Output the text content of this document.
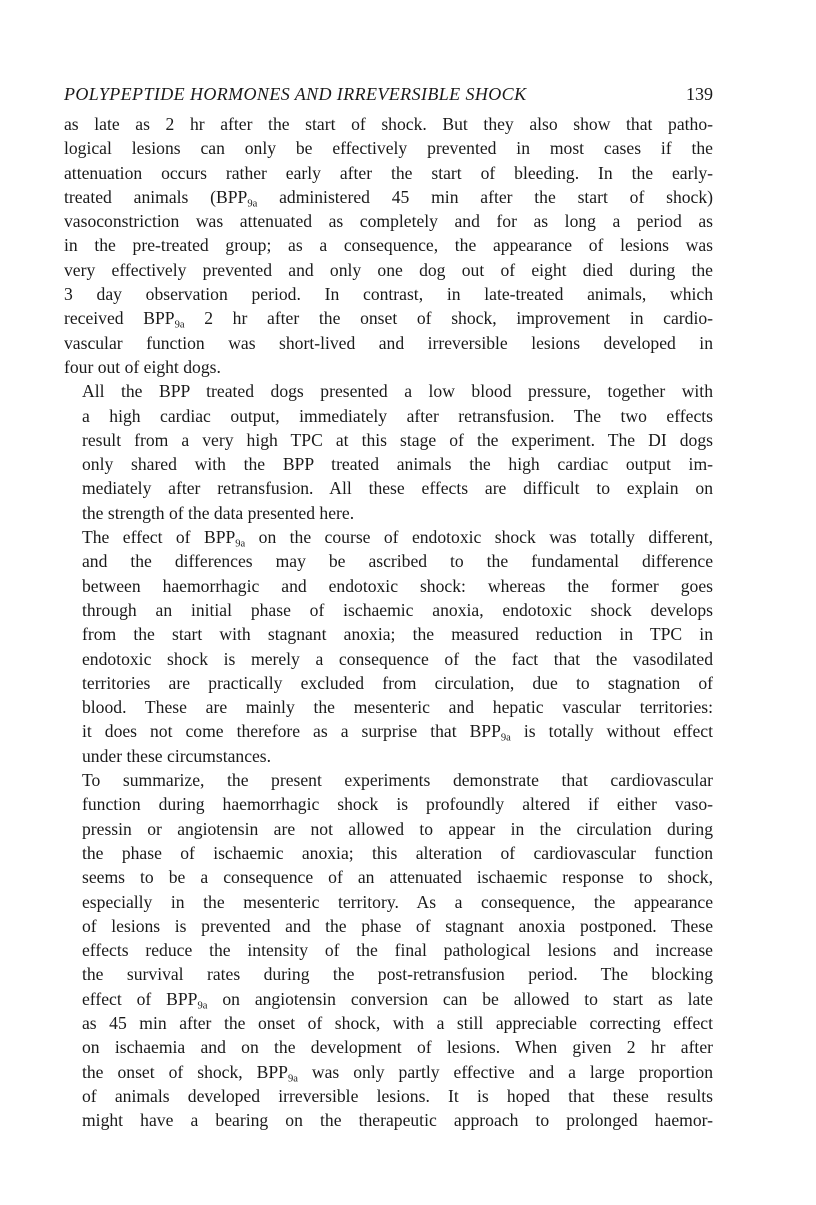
POLYPEPTIDE HORMONES AND IRREVERSIBLE SHOCK	139
as late as 2 hr after the start of shock. But they also show that patho-
logical lesions can only be effectively prevented in most cases if the
attenuation occurs rather early after the start of bleeding. In the early-
treated animals ($BPP_{9a}$ administered 45 min after the start of shock)
vasoconstriction was attenuated as completely and for as long a period as
in the pre-treated group; as a consequence, the appearance of lesions was
very effectively prevented and only one dog out of eight died during the
3 day observation period. In contrast, in late-treated animals, which
received $BPP_{9a}$ 2 hr after the onset of shock, improvement in cardio-
vascular function was short-lived and irreversible lesions developed in
four out of eight dogs.
All the BPP treated dogs presented a low blood pressure, together with
a high cardiac output, immediately after retransfusion. The two effects
result from a very high TPC at this stage of the experiment. The DI dogs
only shared with the BPP treated animals the high cardiac output im-
mediately after retransfusion. All these effects are difficult to explain on
the strength of the data presented here.
The effect of $BPP_{9a}$ on the course of endotoxic shock was totally different,
and the differences may be ascribed to the fundamental difference
between haemorrhagic and endotoxic shock: whereas the former goes
through an initial phase of ischaemic anoxia, endotoxic shock develops
from the start with stagnant anoxia; the measured reduction in TPC in
endotoxic shock is merely a consequence of the fact that the vasodilated
territories are practically excluded from circulation, due to stagnation of
blood. These are mainly the mesenteric and hepatic vascular territories:
it does not come therefore as a surprise that $BPP_{9a}$ is totally without effect
under these circumstances.
To summarize, the present experiments demonstrate that cardiovascular
function during haemorrhagic shock is profoundly altered if either vaso-
pressin or angiotensin are not allowed to appear in the circulation during
the phase of ischaemic anoxia; this alteration of cardiovascular function
seems to be a consequence of an attenuated ischaemic response to shock,
especially in the mesenteric territory. As a consequence, the appearance
of lesions is prevented and the phase of stagnant anoxia postponed. These
effects reduce the intensity of the final pathological lesions and increase
the survival rates during the post-retransfusion period. The blocking
effect of $BPP_{9a}$ on angiotensin conversion can be allowed to start as late
as 45 min after the onset of shock, with a still appreciable correcting effect
on ischaemia and on the development of lesions. When given 2 hr after
the onset of shock, $BPP_{9a}$ was only partly effective and a large proportion
of animals developed irreversible lesions. It is hoped that these results
might have a bearing on the therapeutic approach to prolonged haemor-
